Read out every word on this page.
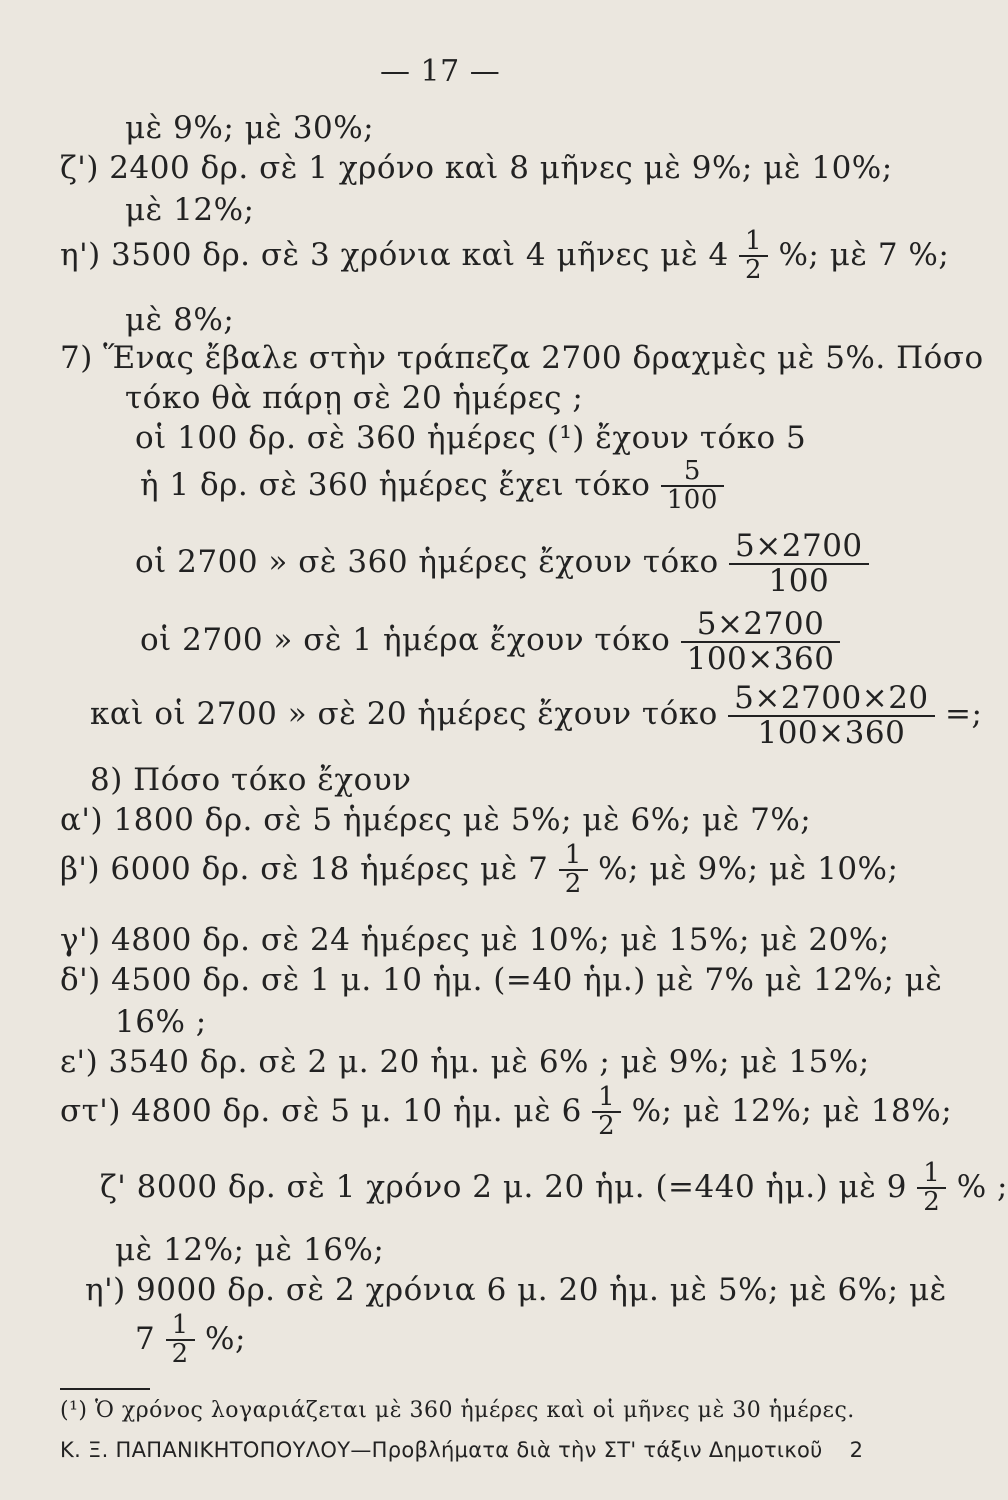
— 17 —
μὲ 9%; μὲ 30%;
ζ') 2400 δρ. σὲ 1 χρόνο καὶ 8 μῆνες μὲ 9%; μὲ 10%;
μὲ 12%;
η') 3500 δρ. σὲ 3 χρόνια καὶ 4 μῆνες μὲ $4 \frac{1}{2}$ %; μὲ 7 %;
μὲ 8%;
7) Ἕνας ἔβαλε στὴν τράπεζα 2700 δραχμὲς μὲ 5%. Πόσο
τόκο θὰ πάρῃ σὲ 20 ἡμέρες ;
οἱ 100 δρ. σὲ 360 ἡμέρες (¹) ἔχουν τόκο 5
ἡ 1 δρ. σὲ 360 ἡμέρες ἔχει τόκο $\frac{5}{100}$
οἱ 2700 » σὲ 360 ἡμέρες ἔχουν τόκο $\frac{5\times 2700}{100}$
οἱ 2700 » σὲ 1 ἡμέρα ἔχουν τόκο $\frac{5\times 2700}{100\times 360}$
καὶ οἱ 2700 » σὲ 20 ἡμέρες ἔχουν τόκο $\frac{5\times 2700\times 20}{100\times 360}$ =;
8) Πόσο τόκο ἔχουν
α') 1800 δρ. σὲ 5 ἡμέρες μὲ 5%; μὲ 6%; μὲ 7%;
β') 6000 δρ. σὲ 18 ἡμέρες μὲ $7 \frac{1}{2}$ %; μὲ 9%; μὲ 10%;
γ') 4800 δρ. σὲ 24 ἡμέρες μὲ 10%; μὲ 15%; μὲ 20%;
δ') 4500 δρ. σὲ 1 μ. 10 ἡμ. (=40 ἡμ.) μὲ 7% μὲ 12%; μὲ
16% ;
ε') 3540 δρ. σὲ 2 μ. 20 ἡμ. μὲ 6% ; μὲ 9%; μὲ 15%;
στ') 4800 δρ. σὲ 5 μ. 10 ἡμ. μὲ $6 \frac{1}{2}$ %; μὲ 12%; μὲ 18%;
ζ' 8000 δρ. σὲ 1 χρόνο 2 μ. 20 ἡμ. (=440 ἡμ.) μὲ $9 \frac{1}{2}$ % ;
μὲ 12%; μὲ 16%;
η') 9000 δρ. σὲ 2 χρόνια 6 μ. 20 ἡμ. μὲ 5%; μὲ 6%; μὲ
$7 \frac{1}{2}$ %;
(¹) Ὁ χρόνος λογαριάζεται μὲ 360 ἡμέρες καὶ οἱ μῆνες μὲ 30 ἡμέρες.
Κ. Ξ. ΠΑΠΑΝΙΚΗΤΟΠΟΥΛΟΥ—Προβλήματα διὰ τὴν ΣΤ' τάξιν Δημοτικοῦ 2
